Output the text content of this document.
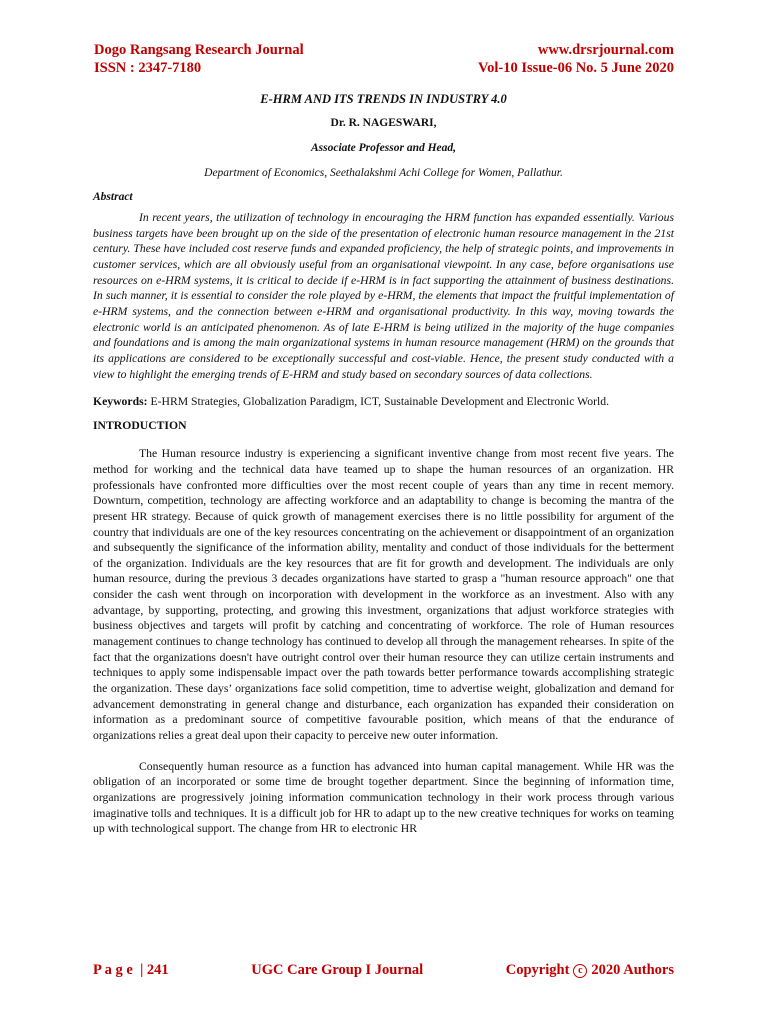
Dogo Rangsang Research Journal	www.drsrjournal.com
ISSN : 2347-7180	Vol-10 Issue-06 No. 5 June 2020
E-HRM AND ITS TRENDS IN INDUSTRY 4.0
Dr. R. NAGESWARI,
Associate Professor and Head,
Department of Economics, Seethalakshmi Achi College for Women, Pallathur.
Abstract

In recent years, the utilization of technology in encouraging the HRM function has expanded essentially. Various business targets have been brought up on the side of the presentation of electronic human resource management in the 21st century. These have included cost reserve funds and expanded proficiency, the help of strategic points, and improvements in customer services, which are all obviously useful from an organisational viewpoint. In any case, before organisations use resources on e-HRM systems, it is critical to decide if e-HRM is in fact supporting the attainment of business destinations. In such manner, it is essential to consider the role played by e-HRM, the elements that impact the fruitful implementation of e-HRM systems, and the connection between e-HRM and organisational productivity. In this way, moving towards the electronic world is an anticipated phenomenon. As of late E-HRM is being utilized in the majority of the huge companies and foundations and is among the main organizational systems in human resource management (HRM) on the grounds that its applications are considered to be exceptionally successful and cost-viable. Hence, the present study conducted with a view to highlight the emerging trends of E-HRM and study based on secondary sources of data collections.

Keywords: E-HRM Strategies, Globalization Paradigm, ICT, Sustainable Development and Electronic World.
INTRODUCTION

The Human resource industry is experiencing a significant inventive change from most recent five years. The method for working and the technical data have teamed up to shape the human resources of an organization. HR professionals have confronted more difficulties over the most recent couple of years than any time in recent memory. Downturn, competition, technology are affecting workforce and an adaptability to change is becoming the mantra of the present HR strategy. Because of quick growth of management exercises there is no little possibility for argument of the country that individuals are one of the key resources concentrating on the achievement or disappointment of an organization and subsequently the significance of the information ability, mentality and conduct of those individuals for the betterment of the organization. Individuals are the key resources that are fit for growth and development. The individuals are only human resource, during the previous 3 decades organizations have started to grasp a "human resource approach" one that consider the cash went through on incorporation with development in the workforce as an investment. Also with any advantage, by supporting, protecting, and growing this investment, organizations that adjust workforce strategies with business objectives and targets will profit by catching and concentrating of workforce. The role of Human resources management continues to change technology has continued to develop all through the management rehearses. In spite of the fact that the organizations doesn't have outright control over their human resource they can utilize certain instruments and techniques to apply some indispensable impact over the path towards better performance towards accomplishing strategic the organization. These days’ organizations face solid competition, time to advertise weight, globalization and demand for advancement demonstrating in general change and disturbance, each organization has expanded their consideration on information as a predominant source of competitive favourable position, which means of that the endurance of organizations relies a great deal upon their capacity to perceive new outer information.

Consequently human resource as a function has advanced into human capital management. While HR was the obligation of an incorporated or some time de brought together department. Since the beginning of information time, organizations are progressively joining information communication technology in their work process through various imaginative tolls and techniques. It is a difficult job for HR to adapt up to the new creative techniques for works on teaming up with technological support. The change from HR to electronic HR

P a g e  | 241	UGC Care Group I Journal	Copyright c 2020 Authors
